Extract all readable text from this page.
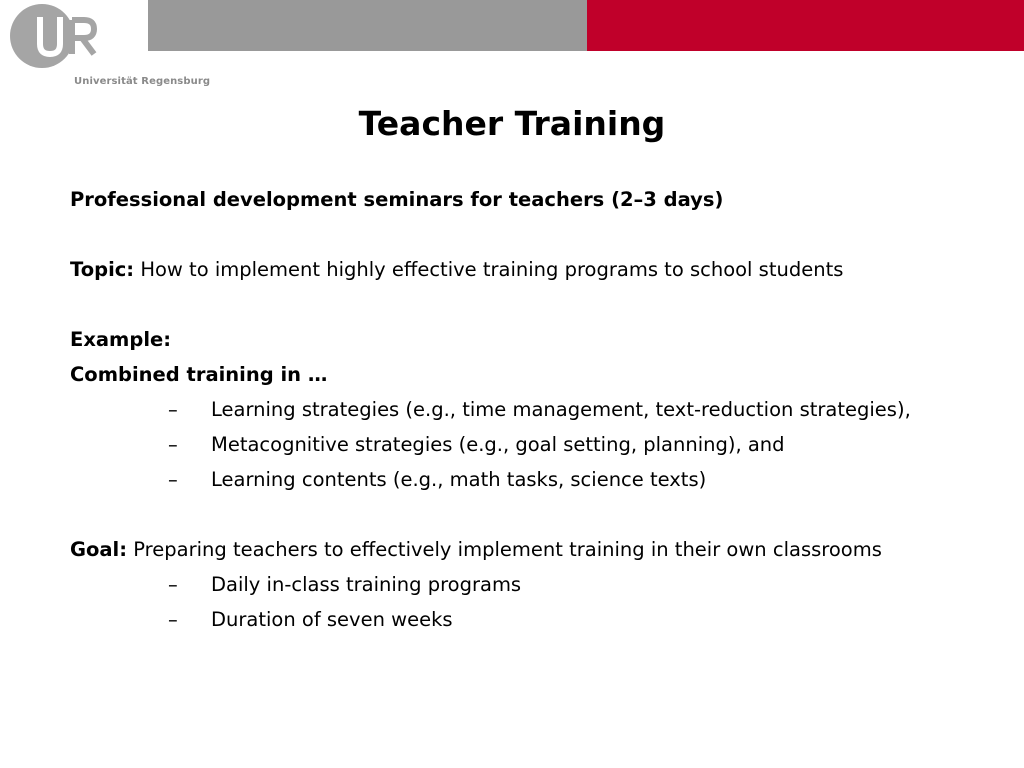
Universität Regensburg
Teacher Training
Professional development seminars for teachers (2–3 days)
Topic: How to implement highly effective training programs to school students
Example:
Combined training in …
– Learning strategies (e.g., time management, text-reduction strategies),
– Metacognitive strategies (e.g., goal setting, planning), and
– Learning contents (e.g., math tasks, science texts)
Goal: Preparing teachers to effectively implement training in their own classrooms
– Daily in-class training programs
– Duration of seven weeks
